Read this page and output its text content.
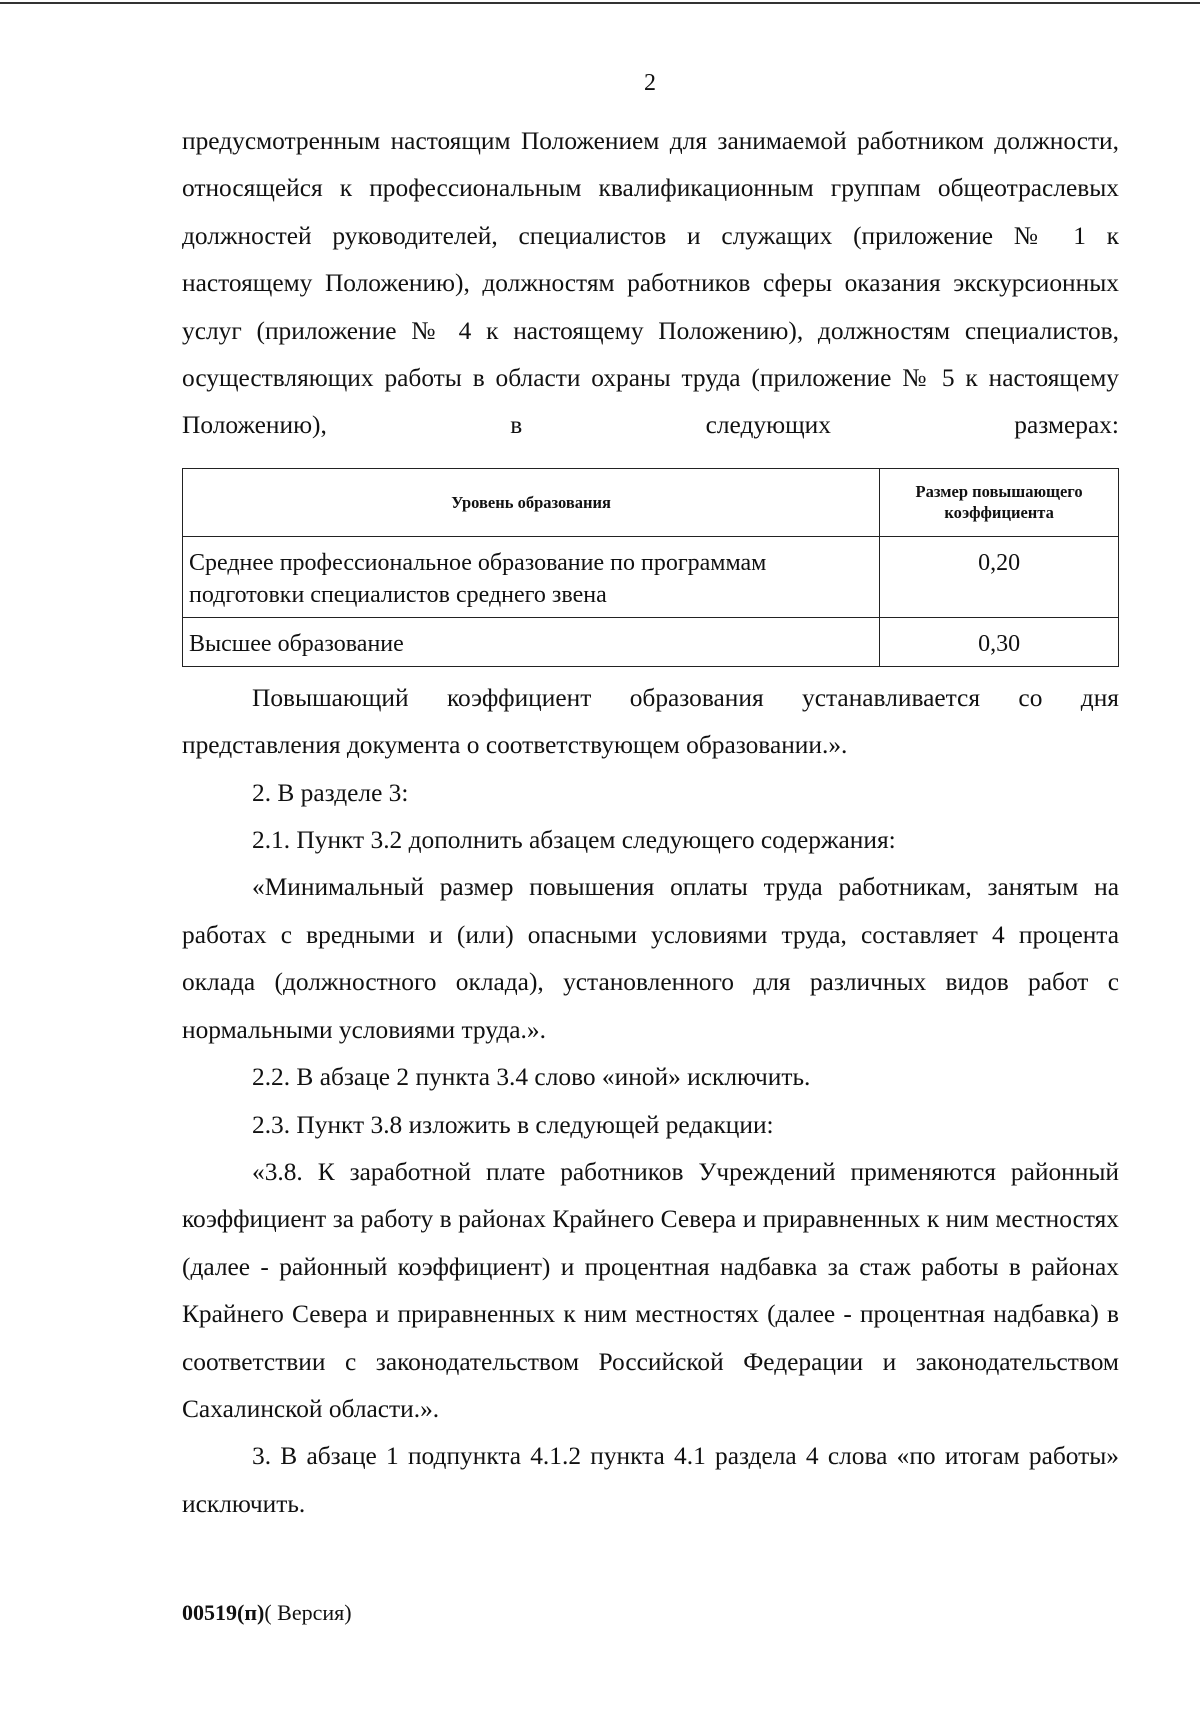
2

предусмотренным настоящим Положением для занимаемой работником должности, относящейся к профессиональным квалификационным группам общеотраслевых должностей руководителей, специалистов и служащих (приложение № 1 к настоящему Положению), должностям работников сферы оказания экскурсионных услуг (приложение № 4 к настоящему Положению), должностям специалистов, осуществляющих работы в области охраны труда (приложение № 5 к настоящему Положению), в следующих размерах:

Уровень образования	Размер повышающего коэффициента
Среднее профессиональное образование по программам подготовки специалистов среднего звена	0,20
Высшее образование	0,30

Повышающий коэффициент образования устанавливается со дня представления документа о соответствующем образовании.».

2. В разделе 3:

2.1. Пункт 3.2 дополнить абзацем следующего содержания:

«Минимальный размер повышения оплаты труда работникам, занятым на работах с вредными и (или) опасными условиями труда, составляет 4 процента оклада (должностного оклада), установленного для различных видов работ с нормальными условиями труда.».

2.2. В абзаце 2 пункта 3.4 слово «иной» исключить.

2.3. Пункт 3.8 изложить в следующей редакции:

«3.8. К заработной плате работников Учреждений применяются районный коэффициент за работу в районах Крайнего Севера и приравненных к ним местностях (далее - районный коэффициент) и процентная надбавка за стаж работы в районах Крайнего Севера и приравненных к ним местностях (далее - процентная надбавка) в соответствии с законодательством Российской Федерации и законодательством Сахалинской области.».

3. В абзаце 1 подпункта 4.1.2 пункта 4.1 раздела 4 слова «по итогам работы» исключить.

00519(п)( Версия)
